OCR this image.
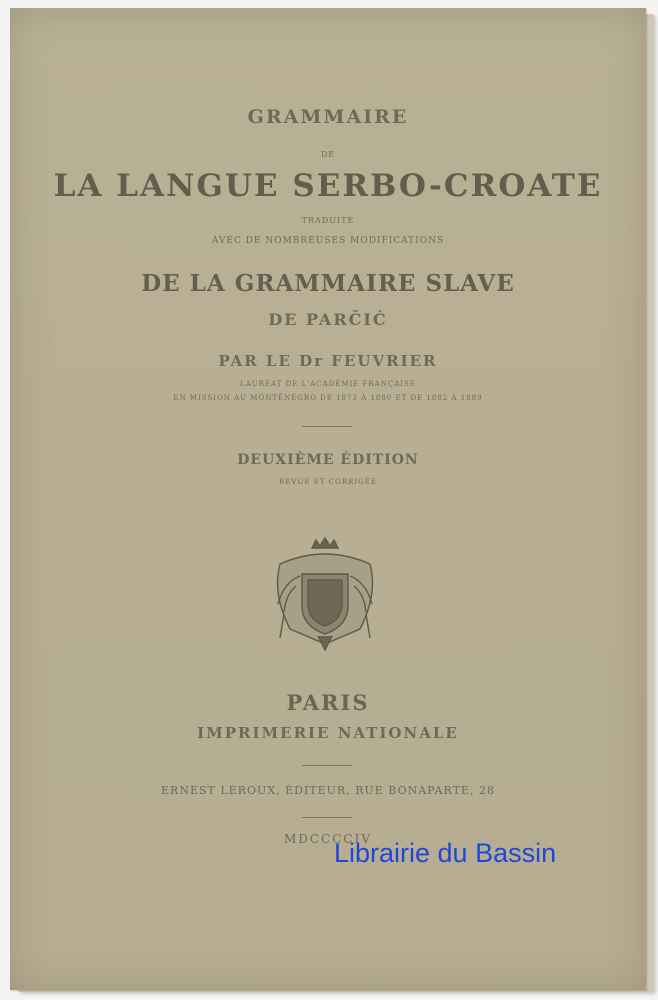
GRAMMAIRE
DE
LA LANGUE SERBO-CROATE
TRADUITE
AVEC DE NOMBREUSES MODIFICATIONS
DE LA GRAMMAIRE SLAVE
DE PARČIĆ
PAR LE Dr FEUVRIER
LAURÉAT DE L'ACADÉMIE FRANÇAISE
EN MISSION AU MONTÉNÉGRO DE 1873 À 1880 ET DE 1882 À 1889
DEUXIÈME ÉDITION
REVUE ET CORRIGÉE
PARIS
IMPRIMERIE NATIONALE
ERNEST LEROUX, ÉDITEUR, RUE BONAPARTE, 28
MDCCCCIV
Librairie du Bassin
